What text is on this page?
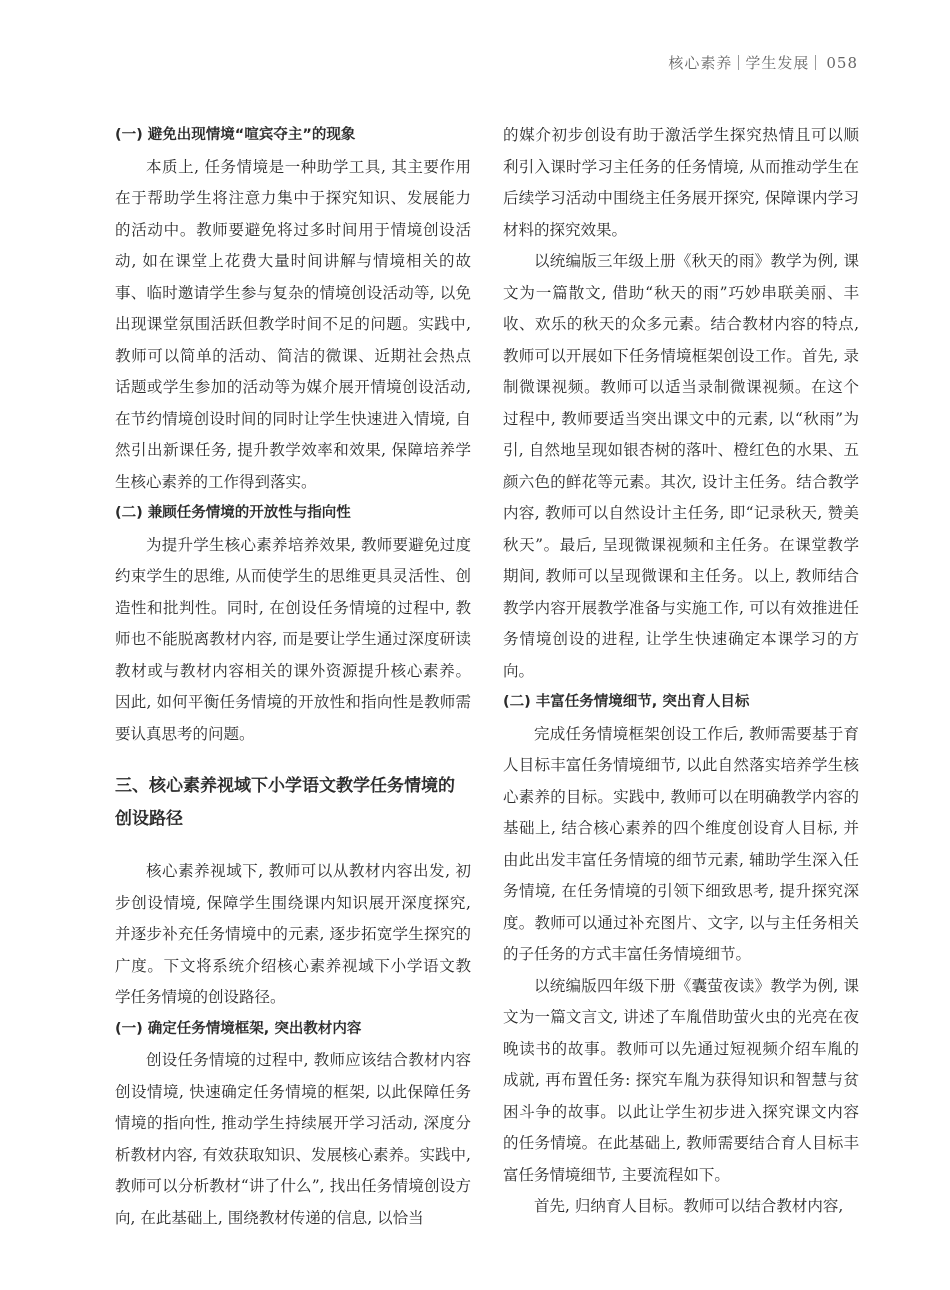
核心素养 学生发展 058
(一) 避免出现情境“喧宾夺主”的现象

本质上, 任务情境是一种助学工具, 其主要作用在于帮助学生将注意力集中于探究知识、发展能力的活动中。教师要避免将过多时间用于情境创设活动, 如在课堂上花费大量时间讲解与情境相关的故事、临时邀请学生参与复杂的情境创设活动等, 以免出现课堂氛围活跃但教学时间不足的问题。实践中, 教师可以简单的活动、简洁的微课、近期社会热点话题或学生参加的活动等为媒介展开情境创设活动, 在节约情境创设时间的同时让学生快速进入情境, 自然引出新课任务, 提升教学效率和效果, 保障培养学生核心素养的工作得到落实。

(二) 兼顾任务情境的开放性与指向性

为提升学生核心素养培养效果, 教师要避免过度约束学生的思维, 从而使学生的思维更具灵活性、创造性和批判性。同时, 在创设任务情境的过程中, 教师也不能脱离教材内容, 而是要让学生通过深度研读教材或与教材内容相关的课外资源提升核心素养。因此, 如何平衡任务情境的开放性和指向性是教师需要认真思考的问题。

三、核心素养视域下小学语文教学任务情境的创设路径

核心素养视域下, 教师可以从教材内容出发, 初步创设情境, 保障学生围绕课内知识展开深度探究, 并逐步补充任务情境中的元素, 逐步拓宽学生探究的广度。下文将系统介绍核心素养视域下小学语文教学任务情境的创设路径。

(一) 确定任务情境框架, 突出教材内容

创设任务情境的过程中, 教师应该结合教材内容创设情境, 快速确定任务情境的框架, 以此保障任务情境的指向性, 推动学生持续展开学习活动, 深度分析教材内容, 有效获取知识、发展核心素养。实践中, 教师可以分析教材“讲了什么”, 找出任务情境创设方向, 在此基础上, 围绕教材传递的信息, 以恰当

的媒介初步创设有助于激活学生探究热情且可以顺利引入课时学习主任务的任务情境, 从而推动学生在后续学习活动中围绕主任务展开探究, 保障课内学习材料的探究效果。

以统编版三年级上册《秋天的雨》教学为例, 课文为一篇散文, 借助“秋天的雨”巧妙串联美丽、丰收、欢乐的秋天的众多元素。结合教材内容的特点, 教师可以开展如下任务情境框架创设工作。首先, 录制微课视频。教师可以适当录制微课视频。在这个过程中, 教师要适当突出课文中的元素, 以“秋雨”为引, 自然地呈现如银杏树的落叶、橙红色的水果、五颜六色的鲜花等元素。其次, 设计主任务。结合教学内容, 教师可以自然设计主任务, 即“记录秋天, 赞美秋天”。最后, 呈现微课视频和主任务。在课堂教学期间, 教师可以呈现微课和主任务。以上, 教师结合教学内容开展教学准备与实施工作, 可以有效推进任务情境创设的进程, 让学生快速确定本课学习的方向。

(二) 丰富任务情境细节, 突出育人目标

完成任务情境框架创设工作后, 教师需要基于育人目标丰富任务情境细节, 以此自然落实培养学生核心素养的目标。实践中, 教师可以在明确教学内容的基础上, 结合核心素养的四个维度创设育人目标, 并由此出发丰富任务情境的细节元素, 辅助学生深入任务情境, 在任务情境的引领下细致思考, 提升探究深度。教师可以通过补充图片、文字, 以与主任务相关的子任务的方式丰富任务情境细节。

以统编版四年级下册《囊萤夜读》教学为例, 课文为一篇文言文, 讲述了车胤借助萤火虫的光亮在夜晚读书的故事。教师可以先通过短视频介绍车胤的成就, 再布置任务: 探究车胤为获得知识和智慧与贫困斗争的故事。以此让学生初步进入探究课文内容的任务情境。在此基础上, 教师需要结合育人目标丰富任务情境细节, 主要流程如下。

首先, 归纳育人目标。教师可以结合教材内容,
